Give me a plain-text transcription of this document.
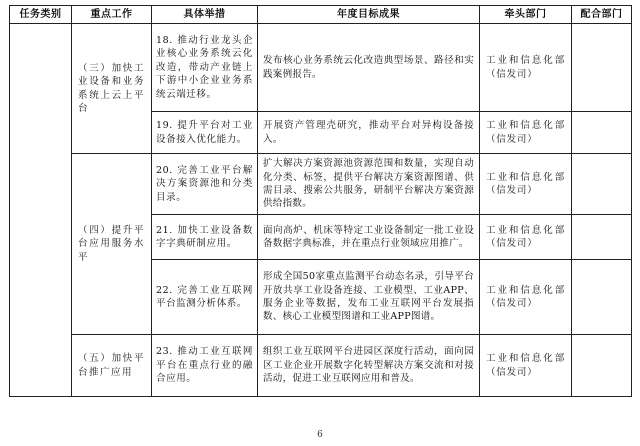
任务类别	重点工作	具体举措	年度目标成果	牵头部门	配合部门
	（三）加快工业设备和业务系统上云上平台	18. 推动行业龙头企业核心业务系统云化改造，带动产业链上下游中小企业业务系统云端迁移。	发布核心业务系统云化改造典型场景、路径和实践案例报告。	工业和信息化部（信发司）	
		19. 提升平台对工业设备接入优化能力。	开展资产管理壳研究，推动平台对异构设备接入。	工业和信息化部（信发司）	
	（四）提升平台应用服务水平	20. 完善工业平台解决方案资源池和分类目录。	扩大解决方案资源池资源范围和数量，实现自动化分类、标签，提供平台解决方案资源图谱、供需目录、搜索公共服务，研制平台解决方案资源供给指数。	工业和信息化部（信发司）	
		21. 加快工业设备数字字典研制应用。	面向高炉、机床等特定工业设备制定一批工业设备数据字典标准，并在重点行业领域应用推广。	工业和信息化部（信发司）	
		22. 完善工业互联网平台监测分析体系。	形成全国50家重点监测平台动态名录，引导平台开放共享工业设备连接、工业模型、工业APP、服务企业等数据，发布工业互联网平台发展指数、核心工业模型图谱和工业APP图谱。	工业和信息化部（信发司）	
	（五）加快平台推广应用	23. 推动工业互联网平台在重点行业的融合应用。	组织工业互联网平台进园区深度行活动，面向园区工业企业开展数字化转型解决方案交流和对接活动，促进工业互联网应用和普及。	工业和信息化部（信发司）	
6
